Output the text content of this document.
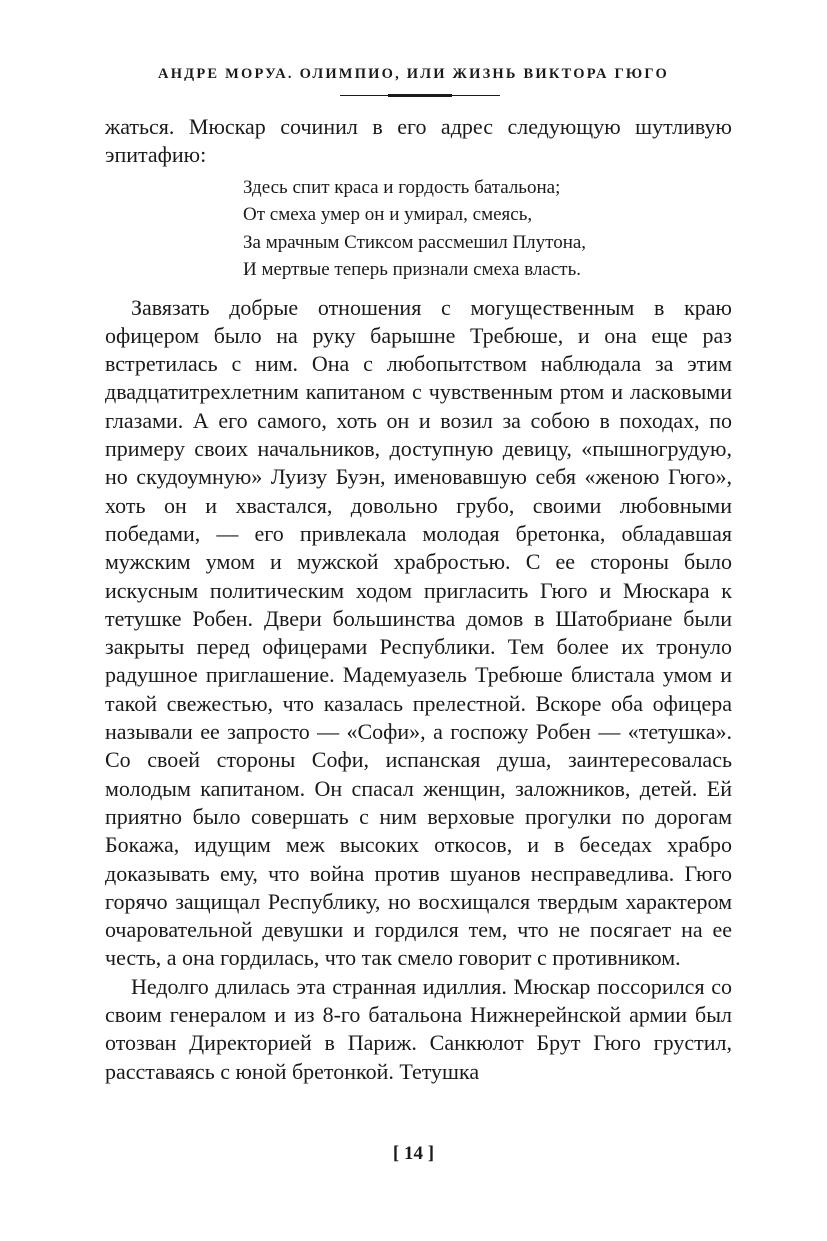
АНДРЕ МОРУА. ОЛИМПИО, ИЛИ ЖИЗНЬ ВИКТОРА ГЮГО

жаться. Мюскар сочинил в его адрес следующую шутливую эпитафию:

Здесь спит краса и гордость батальона;
От смеха умер он и умирал, смеясь,
За мрачным Стиксом рассмешил Плутона,
И мертвые теперь признали смеха власть.

Завязать добрые отношения с могущественным в краю офицером было на руку барышне Требюше, и она еще раз встретилась с ним. Она с любопытством наблюдала за этим двадцатитрехлетним капитаном с чувственным ртом и ласковыми глазами. А его самого, хоть он и возил за собою в походах, по примеру своих начальников, доступную девицу, «пышногрудую, но скудоумную» Луизу Буэн, именовавшую себя «женою Гюго», хоть он и хвастался, довольно грубо, своими любовными победами, — его привлекала молодая бретонка, обладавшая мужским умом и мужской храбростью. С ее стороны было искусным политическим ходом пригласить Гюго и Мюскара к тетушке Робен. Двери большинства домов в Шатобриане были закрыты перед офицерами Республики. Тем более их тронуло радушное приглашение. Мадемуазель Требюше блистала умом и такой свежестью, что казалась прелестной. Вскоре оба офицера называли ее запросто — «Софи», а госпожу Робен — «тетушка». Со своей стороны Софи, испанская душа, заинтересовалась молодым капитаном. Он спасал женщин, заложников, детей. Ей приятно было совершать с ним верховые прогулки по дорогам Бокажа, идущим меж высоких откосов, и в беседах храбро доказывать ему, что война против шуанов несправедлива. Гюго горячо защищал Республику, но восхищался твердым характером очаровательной девушки и гордился тем, что не посягает на ее честь, а она гордилась, что так смело говорит с противником.

Недолго длилась эта странная идиллия. Мюскар поссорился со своим генералом и из 8-го батальона Нижнерейнской армии был отозван Директорией в Париж. Санкюлот Брут Гюго грустил, расставаясь с юной бретонкой. Тетушка

[ 14 ]
